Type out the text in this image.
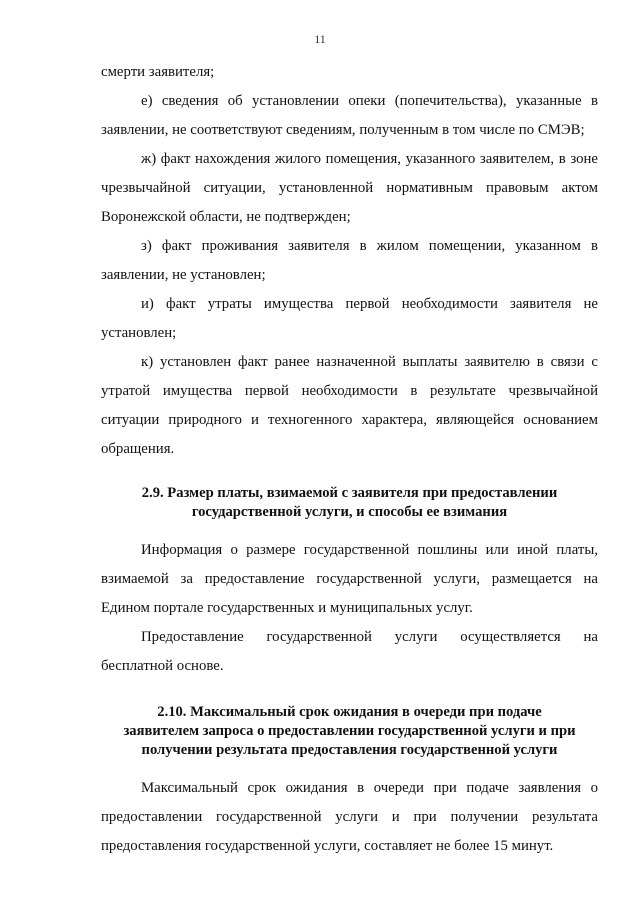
11

смерти заявителя;

е) сведения об установлении опеки (попечительства), указанные в заявлении, не соответствуют сведениям, полученным в том числе по СМЭВ;

ж) факт нахождения жилого помещения, указанного заявителем, в зоне чрезвычайной ситуации, установленной нормативным правовым актом Воронежской области, не подтвержден;

з) факт проживания заявителя в жилом помещении, указанном в заявлении, не установлен;

и) факт утраты имущества первой необходимости заявителя не установлен;

к) установлен факт ранее назначенной выплаты заявителю в связи с утратой имущества первой необходимости в результате чрезвычайной ситуации природного и техногенного характера, являющейся основанием обращения.

2.9. Размер платы, взимаемой с заявителя при предоставлении
государственной услуги, и способы ее взимания

Информация о размере государственной пошлины или иной платы, взимаемой за предоставление государственной услуги, размещается на Едином портале государственных и муниципальных услуг.

Предоставление государственной услуги осуществляется на

бесплатной основе.

2.10. Максимальный срок ожидания в очереди при подаче
заявителем запроса о предоставлении государственной услуги и при
получении результата предоставления государственной услуги

Максимальный срок ожидания в очереди при подаче заявления о предоставлении государственной услуги и при получении результата предоставления государственной услуги, составляет не более 15 минут.
